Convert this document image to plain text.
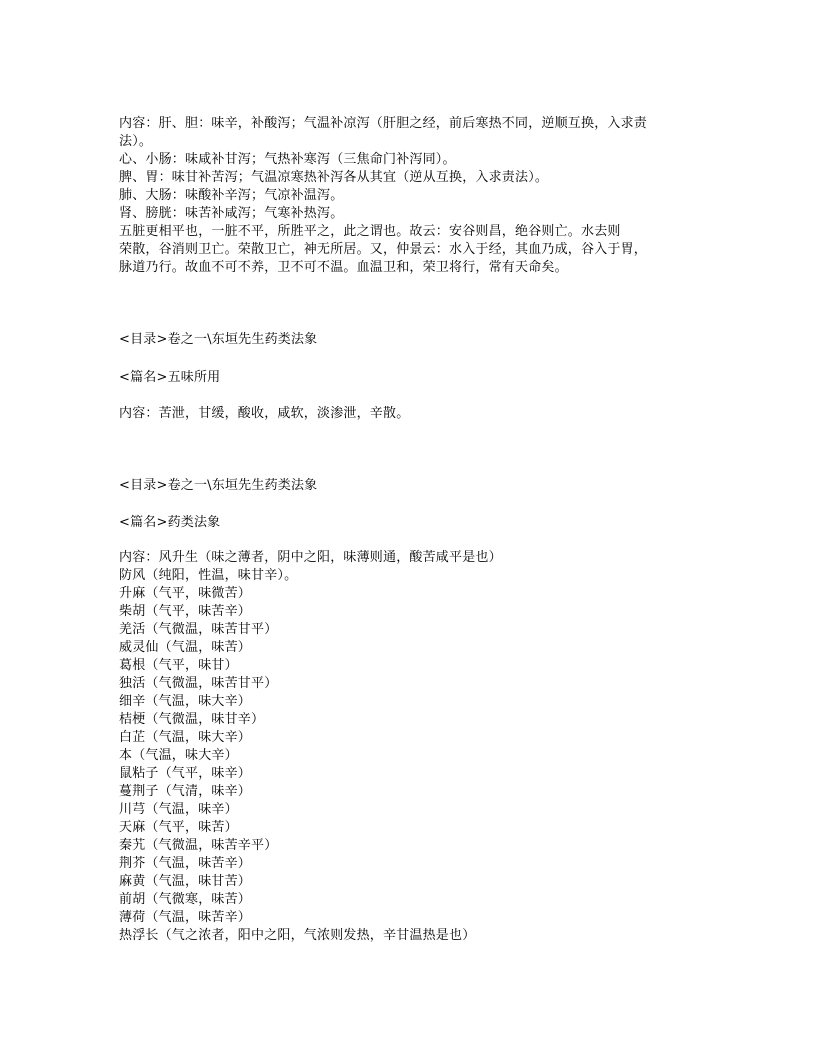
内容：肝、胆：味辛，补酸泻；气温补凉泻（肝胆之经，前后寒热不同，逆顺互换，入求责
法）。
心、小肠：味咸补甘泻；气热补寒泻（三焦命门补泻同）。
脾、胃：味甘补苦泻；气温凉寒热补泻各从其宜（逆从互换，入求责法）。
肺、大肠：味酸补辛泻；气凉补温泻。
肾、膀胱：味苦补咸泻；气寒补热泻。
五脏更相平也，一脏不平，所胜平之，此之谓也。故云：安谷则昌，绝谷则亡。水去则
荣散，谷消则卫亡。荣散卫亡，神无所居。又，仲景云：水入于经，其血乃成，谷入于胃，
脉道乃行。故血不可不养，卫不可不温。血温卫和，荣卫将行，常有天命矣。
<目录>卷之一\东垣先生药类法象
<篇名>五味所用
内容：苦泄，甘缓，酸收，咸软，淡渗泄，辛散。
<目录>卷之一\东垣先生药类法象
<篇名>药类法象
内容：风升生（味之薄者，阴中之阳，味薄则通，酸苦咸平是也）
防风（纯阳，性温，味甘辛）。
升麻（气平，味微苦）
柴胡（气平，味苦辛）
羌活（气微温，味苦甘平）
威灵仙（气温，味苦）
葛根（气平，味甘）
独活（气微温，味苦甘平）
细辛（气温，味大辛）
桔梗（气微温，味甘辛）
白芷（气温，味大辛）
本（气温，味大辛）
鼠粘子（气平，味辛）
蔓荆子（气清，味辛）
川芎（气温，味辛）
天麻（气平，味苦）
秦艽（气微温，味苦辛平）
荆芥（气温，味苦辛）
麻黄（气温，味甘苦）
前胡（气微寒，味苦）
薄荷（气温，味苦辛）
热浮长（气之浓者，阳中之阳，气浓则发热，辛甘温热是也）
